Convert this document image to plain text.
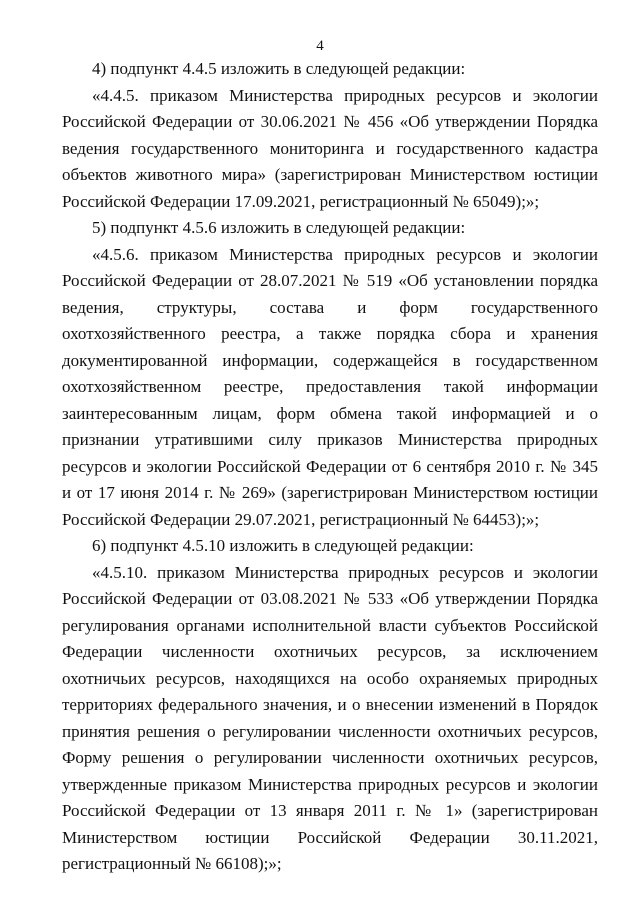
4

4) подпункт 4.4.5 изложить в следующей редакции:

«4.4.5. приказом Министерства природных ресурсов и экологии Российской Федерации от 30.06.2021 № 456 «Об утверждении Порядка ведения государственного мониторинга и государственного кадастра объектов животного мира» (зарегистрирован Министерством юстиции Российской Федерации 17.09.2021, регистрационный № 65049);»;

5) подпункт 4.5.6 изложить в следующей редакции:

«4.5.6. приказом Министерства природных ресурсов и экологии Российской Федерации от 28.07.2021 № 519 «Об установлении порядка ведения, структуры, состава и форм государственного охотхозяйственного реестра, а также порядка сбора и хранения документированной информации, содержащейся в государственном охотхозяйственном реестре, предоставления такой информации заинтересованным лицам, форм обмена такой информацией и о признании утратившими силу приказов Министерства природных ресурсов и экологии Российской Федерации от 6 сентября 2010 г. № 345 и от 17 июня 2014 г. № 269» (зарегистрирован Министерством юстиции Российской Федерации 29.07.2021, регистрационный № 64453);»;

6) подпункт 4.5.10 изложить в следующей редакции:

«4.5.10. приказом Министерства природных ресурсов и экологии Российской Федерации от 03.08.2021 № 533 «Об утверждении Порядка регулирования органами исполнительной власти субъектов Российской Федерации численности охотничьих ресурсов, за исключением охотничьих ресурсов, находящихся на особо охраняемых природных территориях федерального значения, и о внесении изменений в Порядок принятия решения о регулировании численности охотничьих ресурсов, Форму решения о регулировании численности охотничьих ресурсов, утвержденные приказом Министерства природных ресурсов и экологии Российской Федерации от 13 января 2011 г. № 1» (зарегистрирован Министерством юстиции Российской Федерации 30.11.2021, регистрационный № 66108);»;
